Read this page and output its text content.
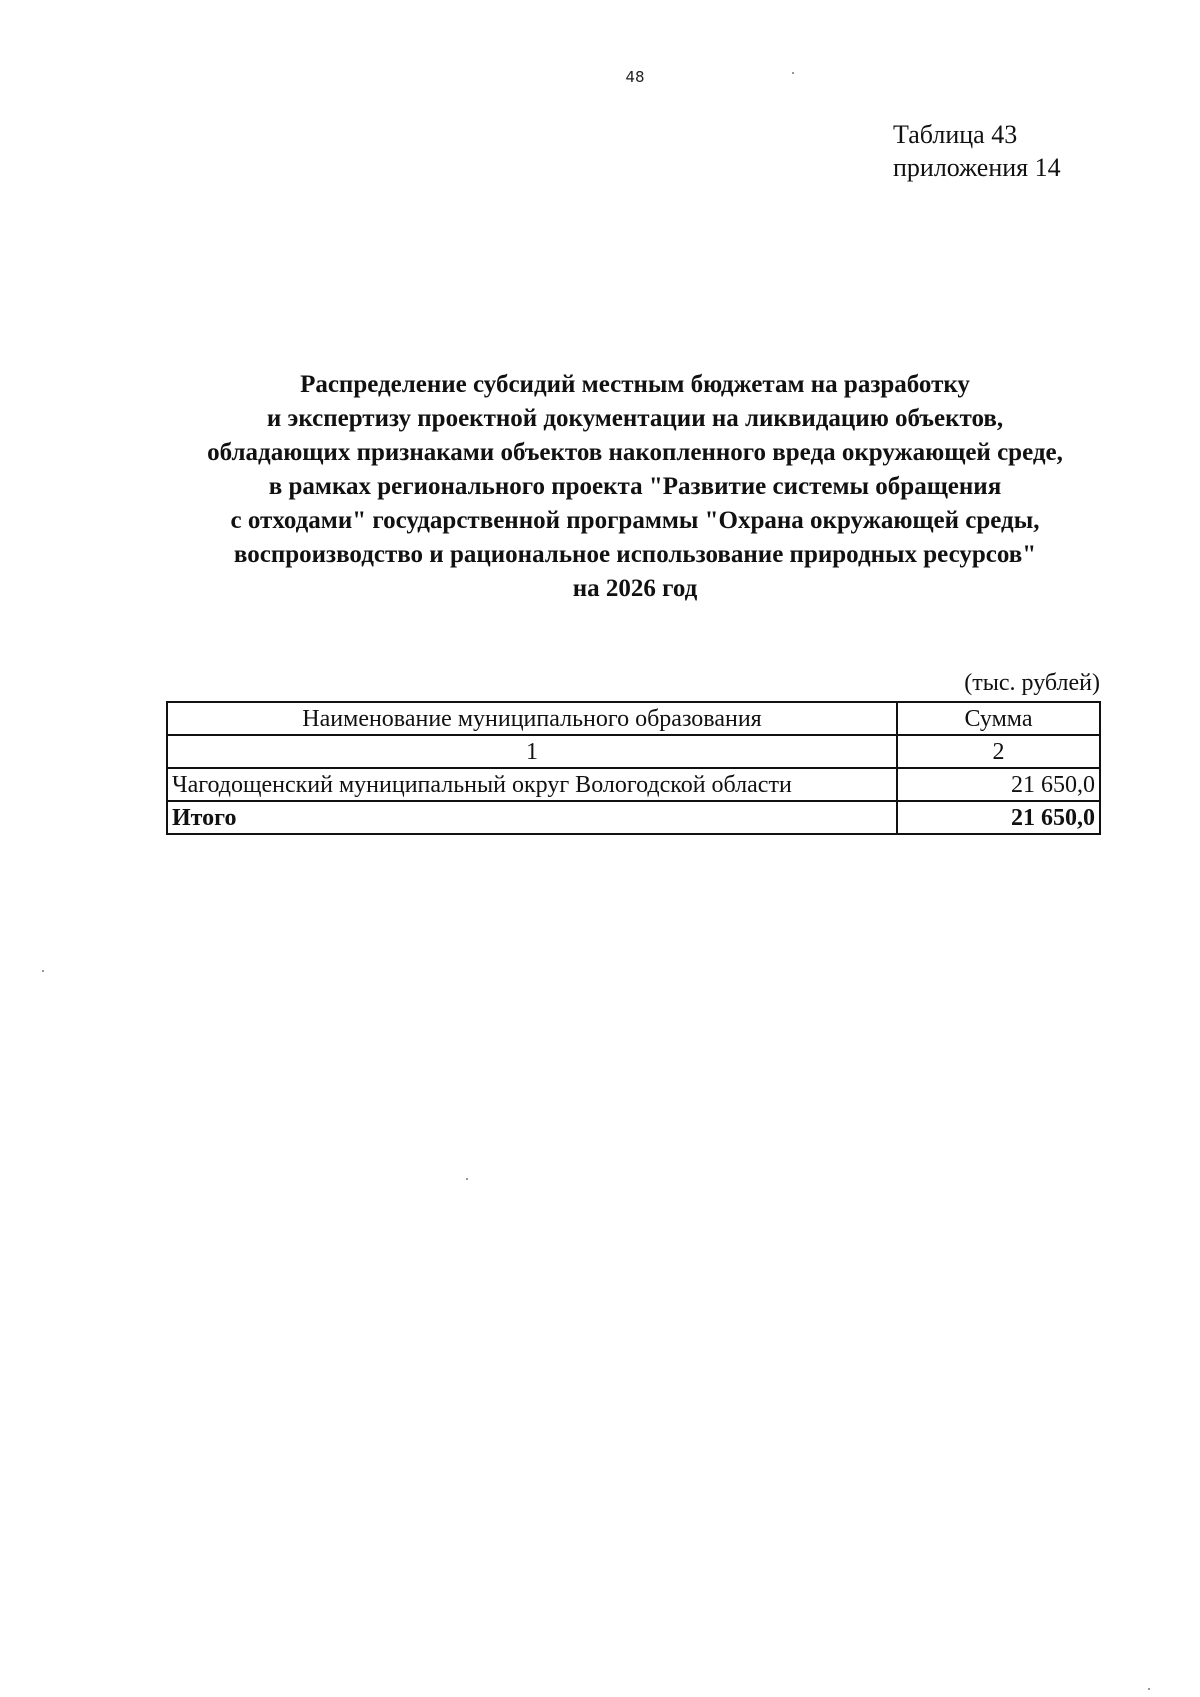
48
Таблица 43
приложения 14
Распределение субсидий местным бюджетам на разработку
и экспертизу проектной документации на ликвидацию объектов,
обладающих признаками объектов накопленного вреда окружающей среде,
в рамках регионального проекта "Развитие системы обращения
с отходами" государственной программы "Охрана окружающей среды,
воспроизводство и рациональное использование природных ресурсов"
на 2026 год
(тыс. рублей)
Наименование муниципального образования	Сумма
1	2
Чагодощенский муниципальный округ Вологодской области	21 650,0
Итого	21 650,0
